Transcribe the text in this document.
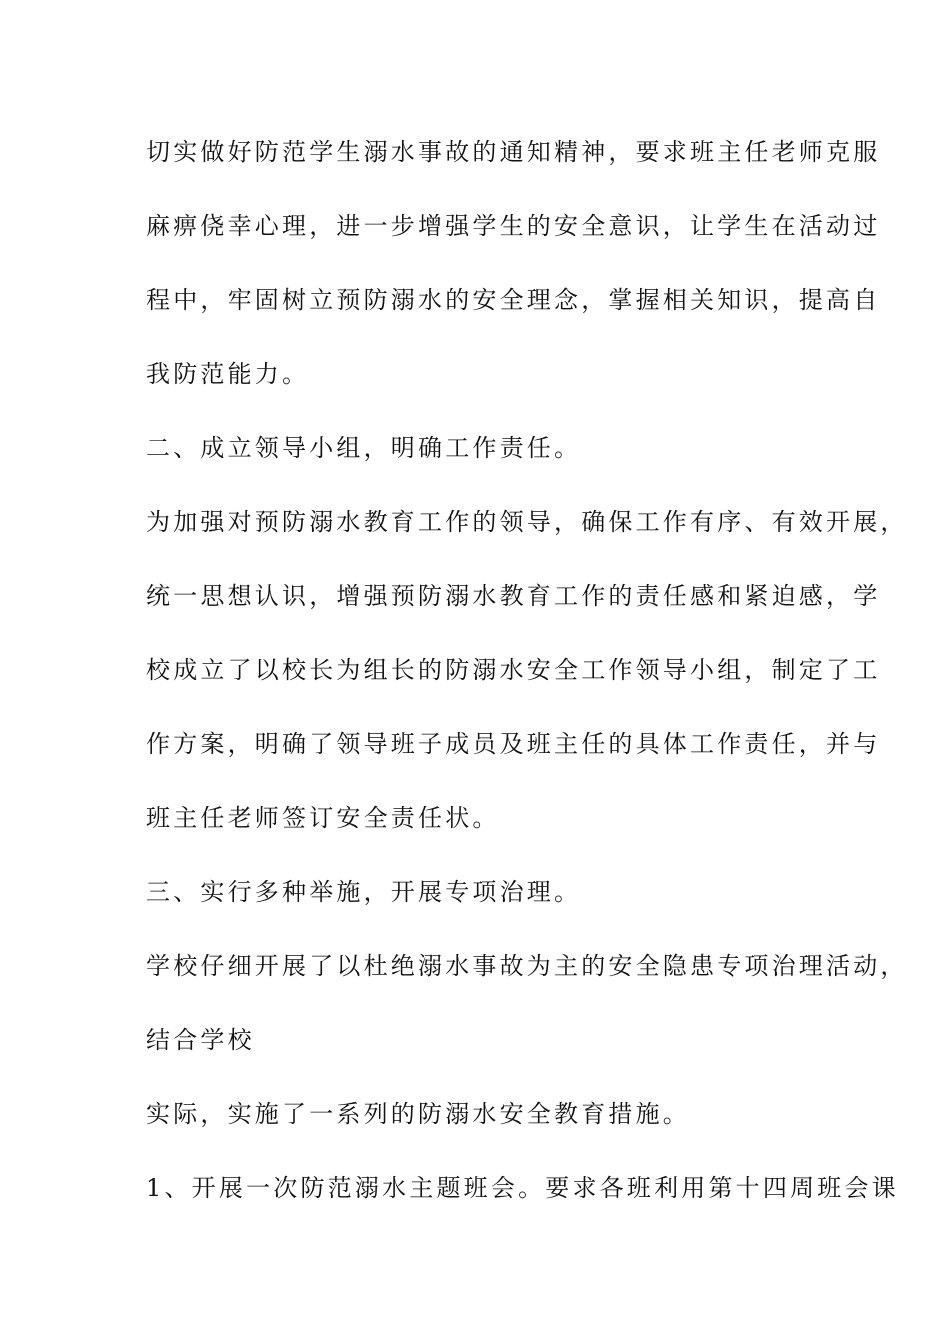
切实做好防范学生溺水事故的通知精神，要求班主任老师克服
麻痹侥幸心理，进一步增强学生的安全意识，让学生在活动过
程中，牢固树立预防溺水的安全理念，掌握相关知识，提高自
我防范能力。
二、成立领导小组，明确工作责任。
为加强对预防溺水教育工作的领导，确保工作有序、有效开展，
统一思想认识，增强预防溺水教育工作的责任感和紧迫感，学
校成立了以校长为组长的防溺水安全工作领导小组，制定了工
作方案，明确了领导班子成员及班主任的具体工作责任，并与
班主任老师签订安全责任状。
三、实行多种举施，开展专项治理。
学校仔细开展了以杜绝溺水事故为主的安全隐患专项治理活动，
结合学校
实际，实施了一系列的防溺水安全教育措施。
1、开展一次防范溺水主题班会。要求各班利用第十四周班会课
